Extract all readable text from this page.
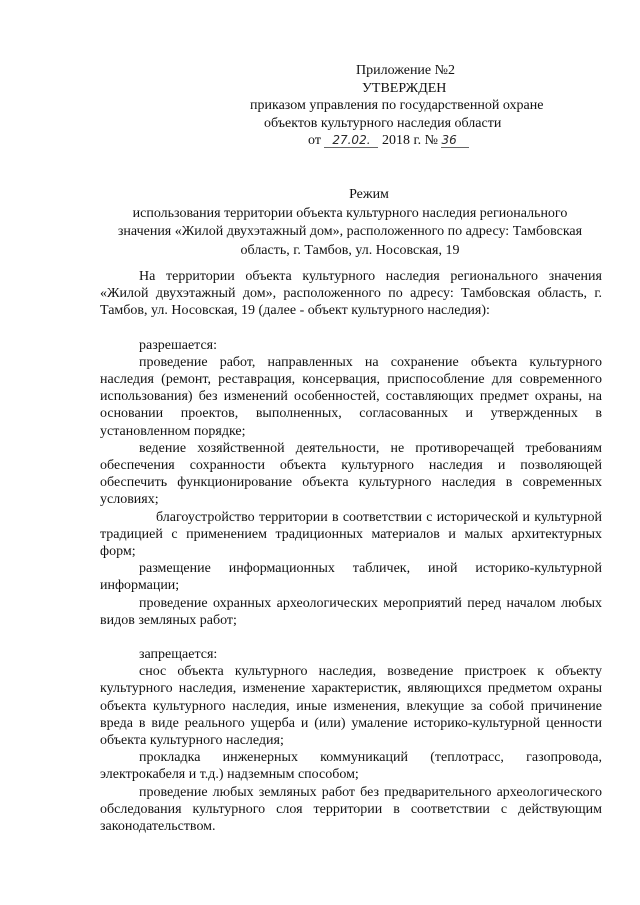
Приложение №2
УТВЕРЖДЕН
приказом управления по государственной охране
объектов культурного наследия области
от 27.02. 2018 г. № 36
Режим
использования территории объекта культурного наследия регионального
значения «Жилой двухэтажный дом», расположенного по адресу: Тамбовская
область, г. Тамбов, ул. Носовская, 19

На территории объекта культурного наследия регионального значения «Жилой двухэтажный дом», расположенного по адресу: Тамбовская область, г. Тамбов, ул. Носовская, 19 (далее - объект культурного наследия):

разрешается:

проведение работ, направленных на сохранение объекта культурного наследия (ремонт, реставрация, консервация, приспособление для современного использования) без изменений особенностей, составляющих предмет охраны, на основании проектов, выполненных, согласованных и утвержденных в установленном порядке;

ведение хозяйственной деятельности, не противоречащей требованиям обеспечения сохранности объекта культурного наследия и позволяющей обеспечить функционирование объекта культурного наследия в современных условиях;

благоустройство территории в соответствии с исторической и культурной традицией с применением традиционных материалов и малых архитектурных форм;

размещение информационных табличек, иной историко-культурной информации;

проведение охранных археологических мероприятий перед началом любых видов земляных работ;

запрещается:

снос объекта культурного наследия, возведение пристроек к объекту культурного наследия, изменение характеристик, являющихся предметом охраны объекта культурного наследия, иные изменения, влекущие за собой причинение вреда в виде реального ущерба и (или) умаление историко-культурной ценности объекта культурного наследия;

прокладка инженерных коммуникаций (теплотрасс, газопровода, электрокабеля и т.д.) надземным способом;

проведение любых земляных работ без предварительного археологического обследования культурного слоя территории в соответствии с действующим законодательством.
